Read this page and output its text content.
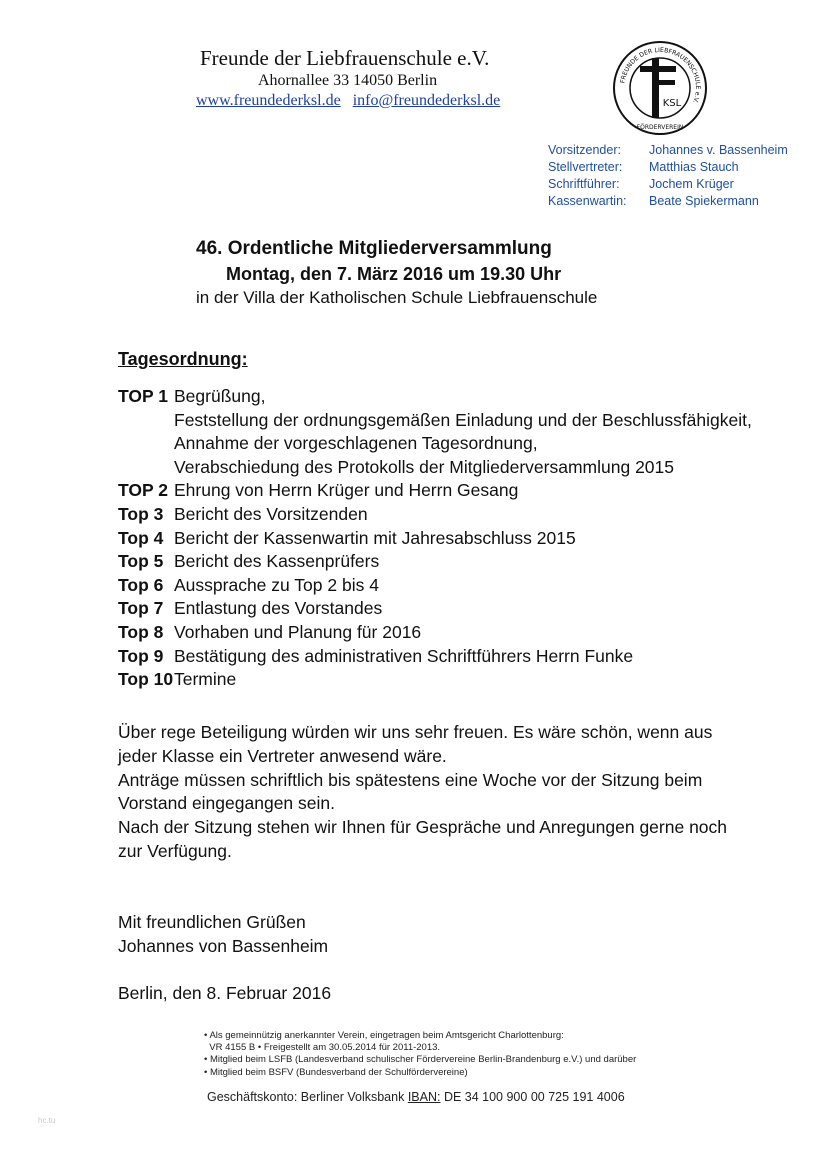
Freunde der Liebfrauenschule e.V.
Ahornallee 33 14050 Berlin
www.freundederksl.de info@freundederksl.de
FREUNDE DER LIEBFRAUENSCHULE e.V.
FÖRDERVEREIN
KSL
Vorsitzender:	Johannes v. Bassenheim
Stellvertreter:	Matthias Stauch
Schriftführer:	Jochem Krüger
Kassenwartin:	Beate Spiekermann
46. Ordentliche Mitgliederversammlung
Montag, den 7. März 2016 um 19.30 Uhr
in der Villa der Katholischen Schule Liebfrauenschule
Tagesordnung:
TOP 1 Begrüßung,
Feststellung der ordnungsgemäßen Einladung und der Beschlussfähigkeit,
Annahme der vorgeschlagenen Tagesordnung,
Verabschiedung des Protokolls der Mitgliederversammlung 2015
TOP 2 Ehrung von Herrn Krüger und Herrn Gesang
Top 3 Bericht des Vorsitzenden
Top 4 Bericht der Kassenwartin mit Jahresabschluss 2015
Top 5 Bericht des Kassenprüfers
Top 6 Aussprache zu Top 2 bis 4
Top 7 Entlastung des Vorstandes
Top 8 Vorhaben und Planung für 2016
Top 9 Bestätigung des administrativen Schriftführers Herrn Funke
Top 10 Termine
Über rege Beteiligung würden wir uns sehr freuen. Es wäre schön, wenn aus
jeder Klasse ein Vertreter anwesend wäre.
Anträge müssen schriftlich bis spätestens eine Woche vor der Sitzung beim
Vorstand eingegangen sein.
Nach der Sitzung stehen wir Ihnen für Gespräche und Anregungen gerne noch
zur Verfügung.
Mit freundlichen Grüßen
Johannes von Bassenheim
Berlin, den 8. Februar 2016
• Als gemeinnützig anerkannter Verein, eingetragen beim Amtsgericht Charlottenburg:
VR 4155 B • Freigestellt am 30.05.2014 für 2011-2013.
• Mitglied beim LSFB (Landesverband schulischer Fördervereine Berlin-Brandenburg e.V.) und darüber
• Mitglied beim BSFV (Bundesverband der Schulfördervereine)
Geschäftskonto: Berliner Volksbank IBAN: DE 34 100 900 00 725 191 4006
hc.tu
